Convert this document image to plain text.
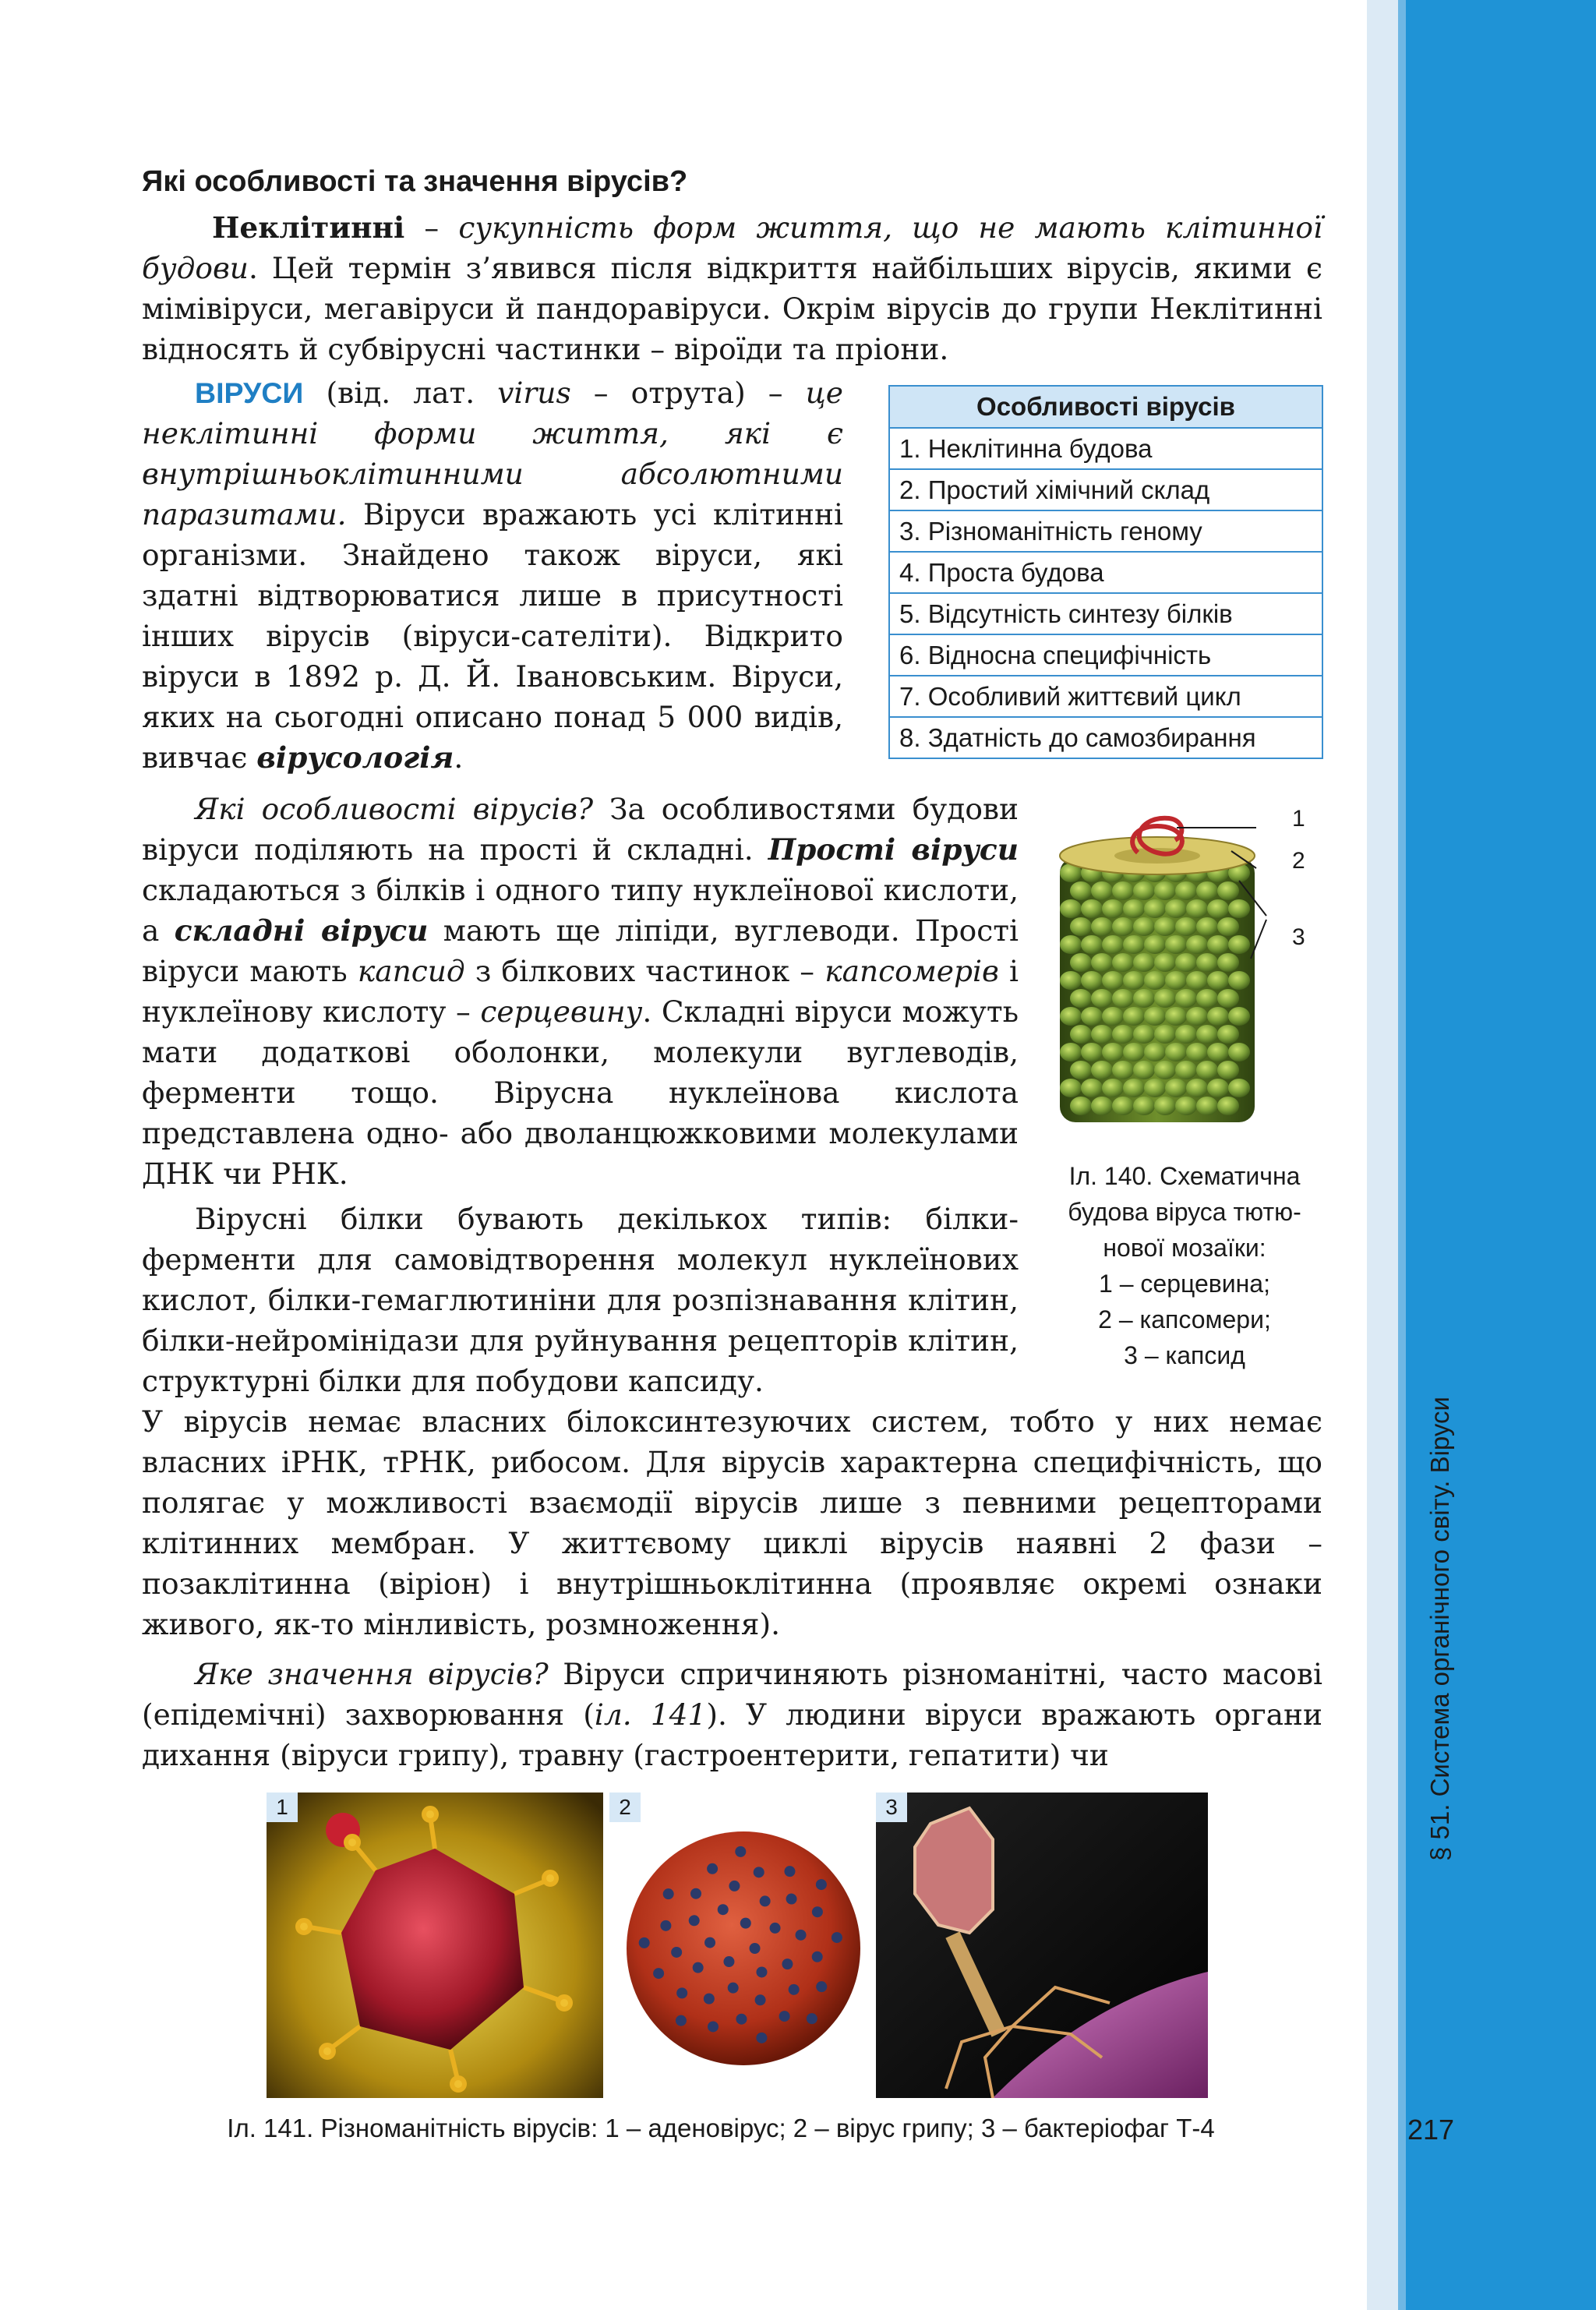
§ 51. Система органічного світу. Віруси
217
Які особливості та значення вірусів?

Неклітинні – сукупність форм життя, що не мають клітинної будови. Цей термін з’явився після відкриття найбільших вірусів, якими є мімівіруси, мегавіруси й пандоравіруси. Окрім вірусів до групи Неклітинні відносять й субвірусні частинки – віроїди та пріони.

ВІРУСИ (від. лат. virus – отрута) – це неклітинні форми життя, які є внутрішньоклітинними абсолютними паразитами. Віруси вражають усі клітинні організми. Знайдено також віруси, які здатні відтворюватися лише в присутності інших вірусів (віруси-сателіти). Відкрито віруси в 1892 р. Д. Й. Івановським. Віруси, яких на сьогодні описано понад 5 000 видів, вивчає вірусологія.

Особливості вірусів
1. Неклітинна будова
2. Простий хімічний склад
3. Різноманітність геному
4. Проста будова
5. Відсутність синтезу білків
6. Відносна специфічність
7. Особливий життєвий цикл
8. Здатність до самозбирання

Які особливості вірусів? За особливостями будови віруси поділяють на прості й складні. Прості віруси складаються з білків і одного типу нуклеїнової кислоти, а складні віруси мають ще ліпіди, вуглеводи. Прості віруси мають капсид з білкових частинок – капсомерів і нуклеїнову кислоту – серцевину. Складні віруси можуть мати додаткові оболонки, молекули вуглеводів, ферменти тощо. Вірусна нуклеїнова кислота представлена одно- або дволанцюжковими молекулами ДНК чи РНК.

1
2
3
Іл. 140. Схематична
будова віруса тютю-
нової мозаїки:
1 – серцевина;
2 – капсомери;
3 – капсид

Вірусні білки бувають декількох типів: білки-ферменти для самовідтворення молекул нуклеїнових кислот, білки-гемаглютиніни для розпізнавання клітин, білки-нейромінідази для руйнування рецепторів клітин, структурні білки для побудови капсиду.

У вірусів немає власних білоксинтезуючих систем, тобто у них немає власних іРНК, тРНК, рибосом. Для вірусів характерна специфічність, що полягає у можливості взаємодії вірусів лише з певними рецепторами клітинних мембран. У життєвому циклі вірусів наявні 2 фази – позаклітинна (віріон) і внутрішньоклітинна (проявляє окремі ознаки живого, як-то мінливість, розмноження).

Яке значення вірусів? Віруси спричиняють різноманітні, часто масові (епідемічні) захворювання (іл. 141). У людини віруси вражають органи дихання (віруси грипу), травну (гастроентерити, гепатити) чи

1	2	3
Іл. 141. Різноманітність вірусів: 1 – аденовірус; 2 – вірус грипу; 3 – бактеріофаг Т-4
